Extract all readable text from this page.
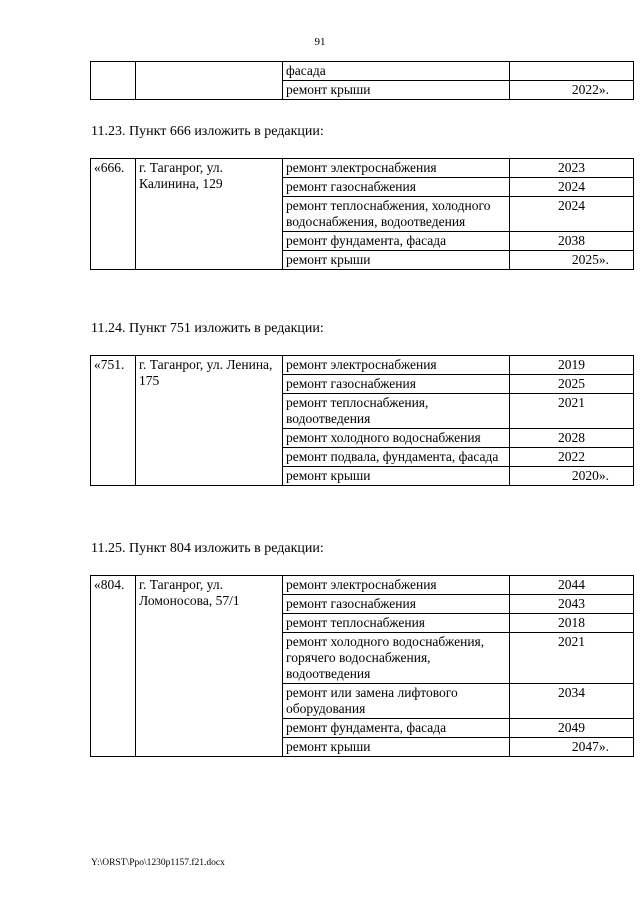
91
		фасада	
		ремонт крыши	2022».
11.23. Пункт 666 изложить в редакции:
«666.	г. Таганрог, ул. Калинина, 129	ремонт электроснабжения	2023
		ремонт газоснабжения	2024
		ремонт теплоснабжения, холодного водоснабжения, водоотведения	2024
		ремонт фундамента, фасада	2038
		ремонт крыши	2025».
11.24. Пункт 751 изложить в редакции:
«751.	г. Таганрог, ул. Ленина, 175	ремонт электроснабжения	2019
		ремонт газоснабжения	2025
		ремонт теплоснабжения, водоотведения	2021
		ремонт холодного водоснабжения	2028
		ремонт подвала, фундамента, фасада	2022
		ремонт крыши	2020».
11.25. Пункт 804 изложить в редакции:
«804.	г. Таганрог, ул. Ломоносова, 57/1	ремонт электроснабжения	2044
		ремонт газоснабжения	2043
		ремонт теплоснабжения	2018
		ремонт холодного водоснабжения, горячего водоснабжения, водоотведения	2021
		ремонт или замена лифтового оборудования	2034
		ремонт фундамента, фасада	2049
		ремонт крыши	2047».
Y:\ORST\Ppo\1230p1157.f21.docx
